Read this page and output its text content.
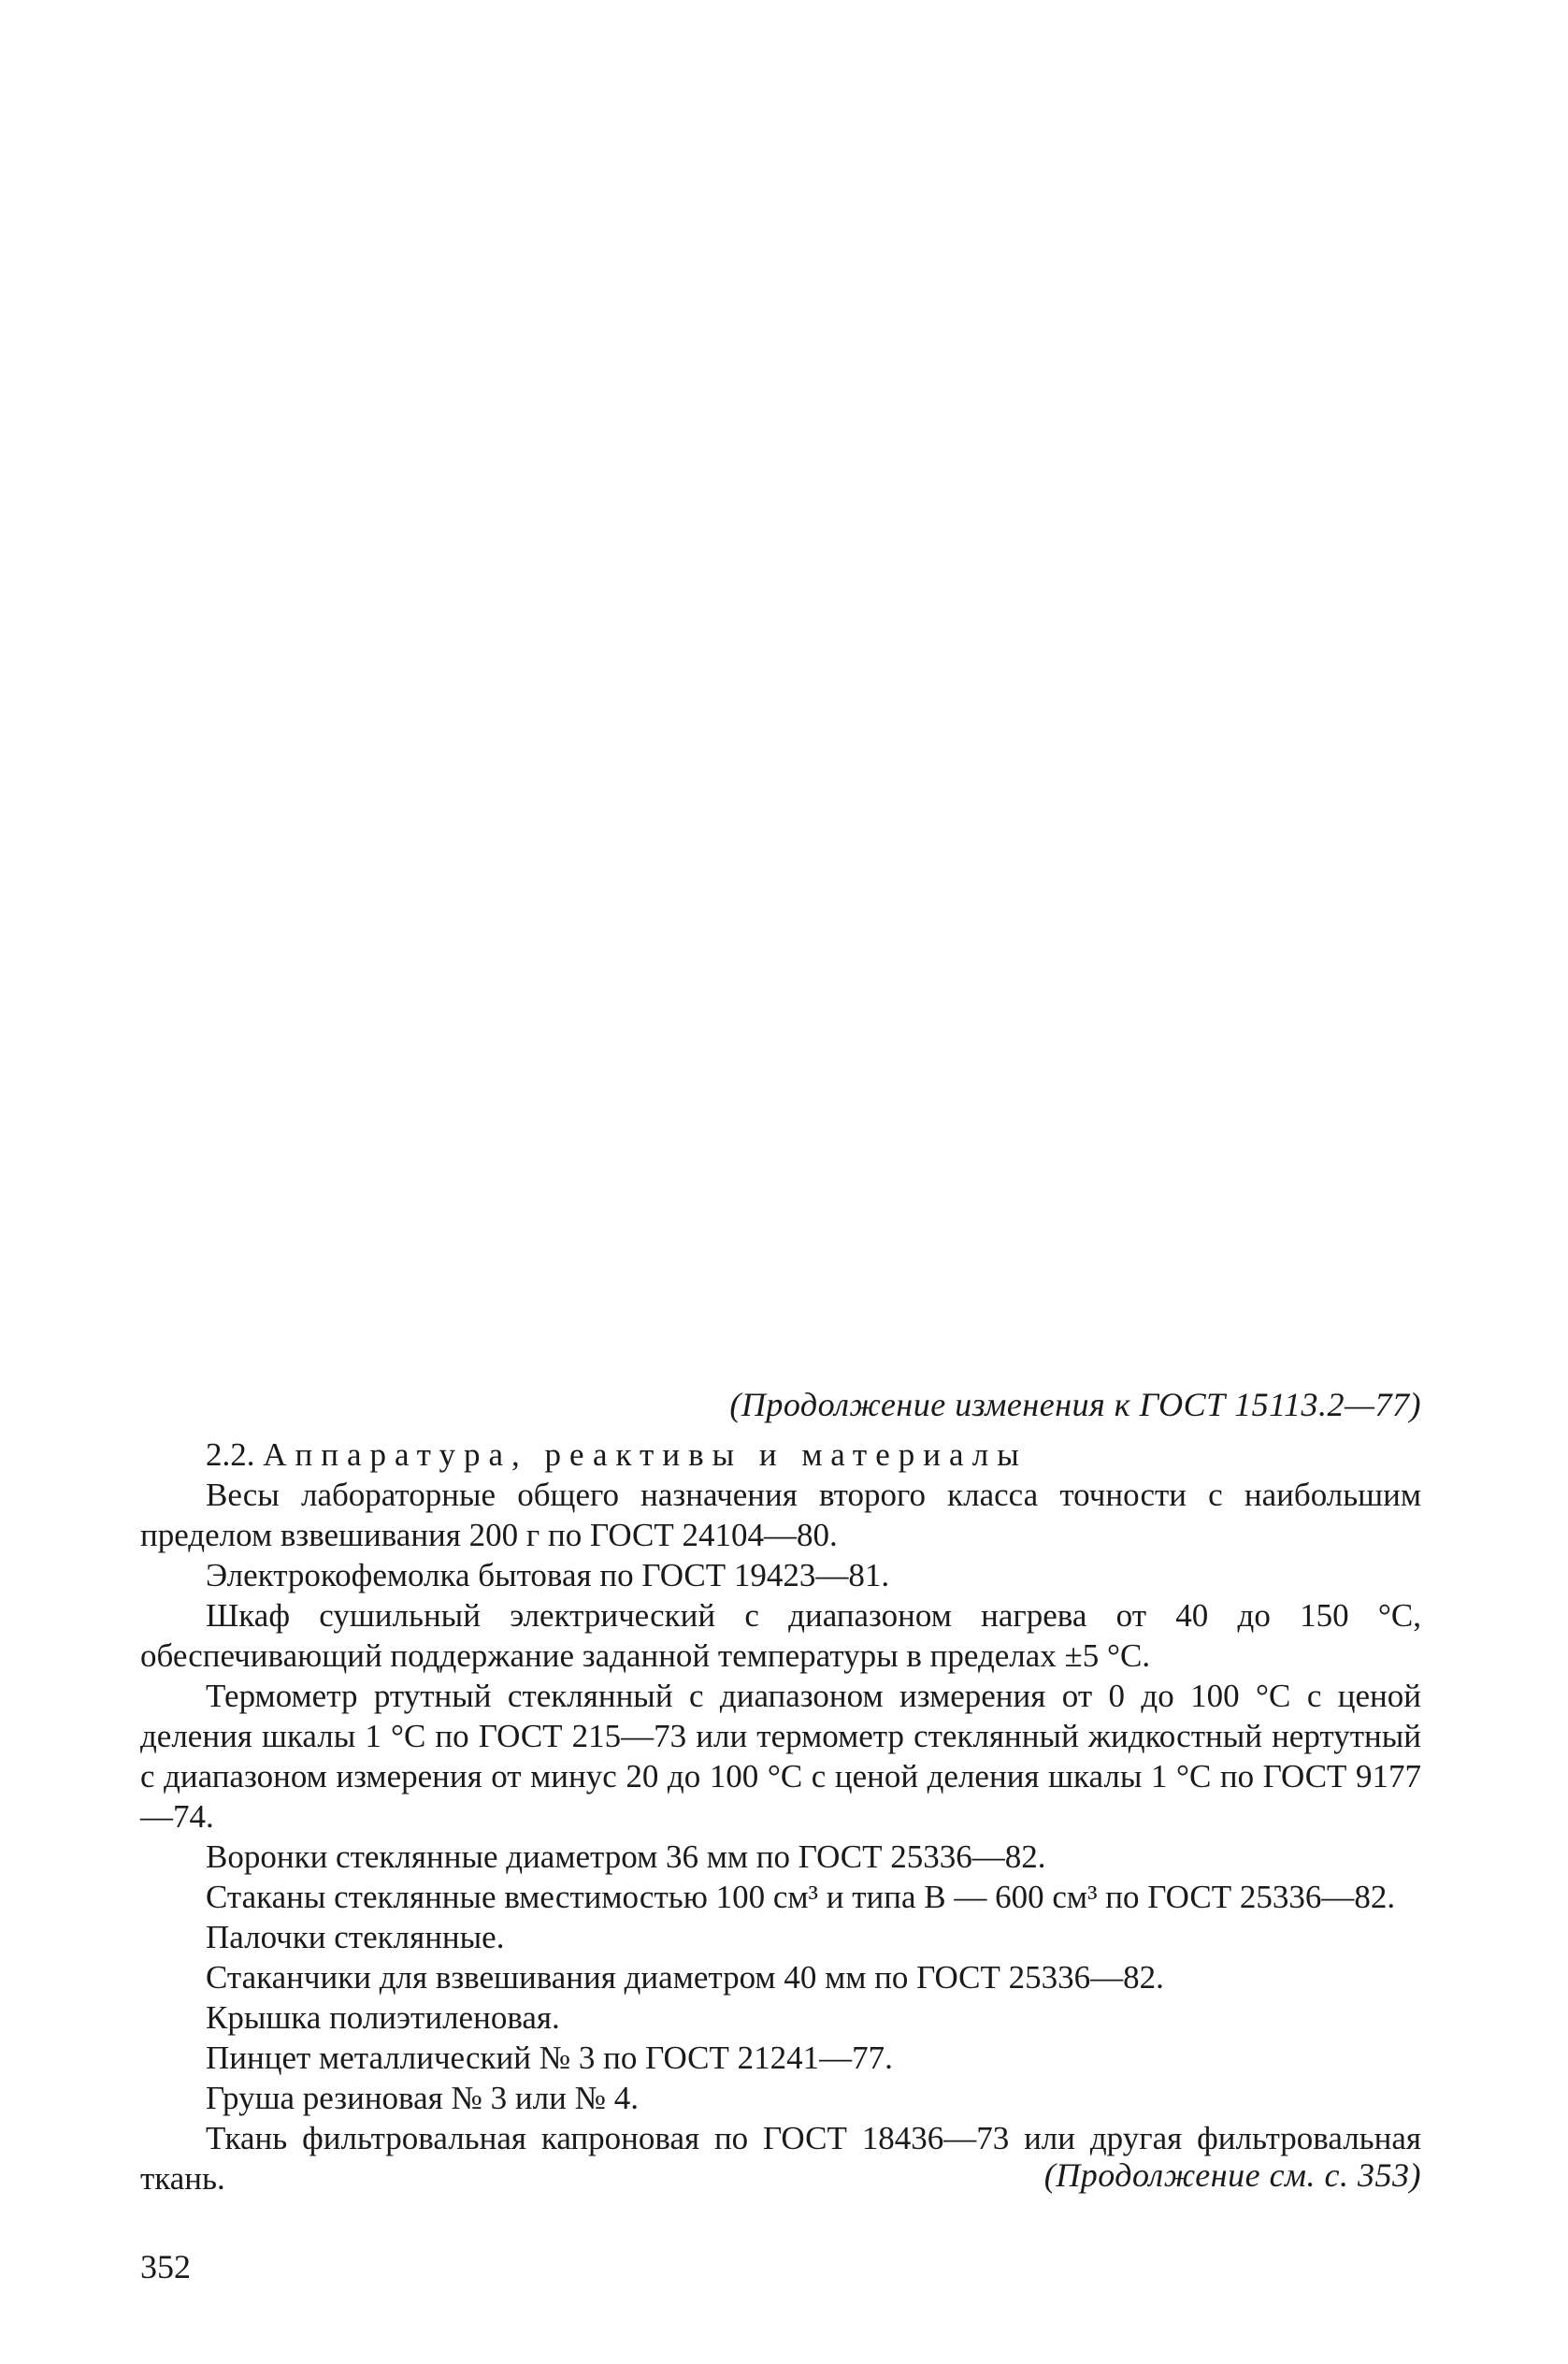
(Продолжение изменения к ГОСТ 15113.2—77)

2.2. Аппаратура, реактивы и материалы

Весы лабораторные общего назначения второго класса точности с наибольшим пределом взвешивания 200 г по ГОСТ 24104—80.

Электрокофемолка бытовая по ГОСТ 19423—81.

Шкаф сушильный электрический с диапазоном нагрева от 40 до 150 °С, обеспечивающий поддержание заданной температуры в пределах ±5 °С.

Термометр ртутный стеклянный с диапазоном измерения от 0 до 100 °С с ценой деления шкалы 1 °С по ГОСТ 215—73 или термометр стеклянный жидкостный нертутный с диапазоном измерения от минус 20 до 100 °С с ценой деления шкалы 1 °С по ГОСТ 9177—74.

Воронки стеклянные диаметром 36 мм по ГОСТ 25336—82.

Стаканы стеклянные вместимостью 100 см³ и типа В — 600 см³ по ГОСТ 25336—82.

Палочки стеклянные.

Стаканчики для взвешивания диаметром 40 мм по ГОСТ 25336—82.

Крышка полиэтиленовая.

Пинцет металлический № 3 по ГОСТ 21241—77.

Груша резиновая № 3 или № 4.

Ткань фильтровальная капроновая по ГОСТ 18436—73 или другая фильтровальная ткань.	(Продолжение см. с. 353)
352
